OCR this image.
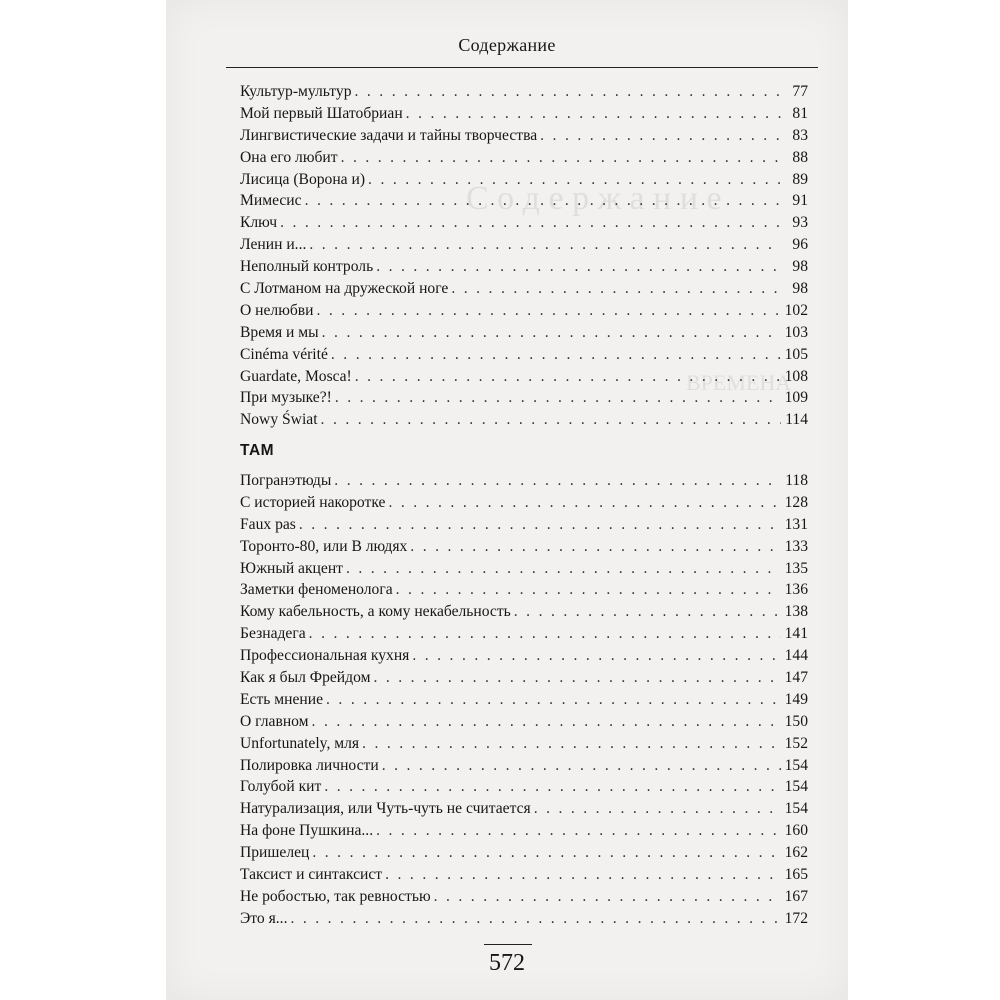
С о д е р ж а н и е
ВРЕМЕНА
Содержание
Культур-мультур . . .	77
Мой первый Шатобриан . . .	81
Лингвистические задачи и тайны творчества . . .	83
Она его любит . . .	88
Лисица (Ворона и) . . .	89
Мимесис . . .	91
Ключ . . .	93
Ленин и... . . .	96
Неполный контроль . . .	98
С Лотманом на дружеской ноге . . .	98
О нелюбви . . .	102
Время и мы . . .	103
Cinéma vérité . . .	105
Guardate, Mosca! . . .	108
При музыке?! . . .	109
Nowy Świat . . .	114
ТАМ
Погранэтюды . . .	118
С историей накоротке . . .	128
Faux pas . . .	131
Торонто-80, или В людях . . .	133
Южный акцент . . .	135
Заметки феноменолога . . .	136
Кому кабельность, а кому некабельность . . .	138
Безнадега . . .	141
Профессиональная кухня . . .	144
Как я был Фрейдом . . .	147
Есть мнение . . .	149
О главном . . .	150
Unfortunately, мля . . .	152
Полировка личности . . .	154
Голубой кит . . .	154
Натурализация, или Чуть-чуть не считается . . .	154
На фоне Пушкина... . . .	160
Пришелец . . .	162
Таксист и синтаксист . . .	165
Не робостью, так ревностью . . .	167
Это я... . . .	172
572
